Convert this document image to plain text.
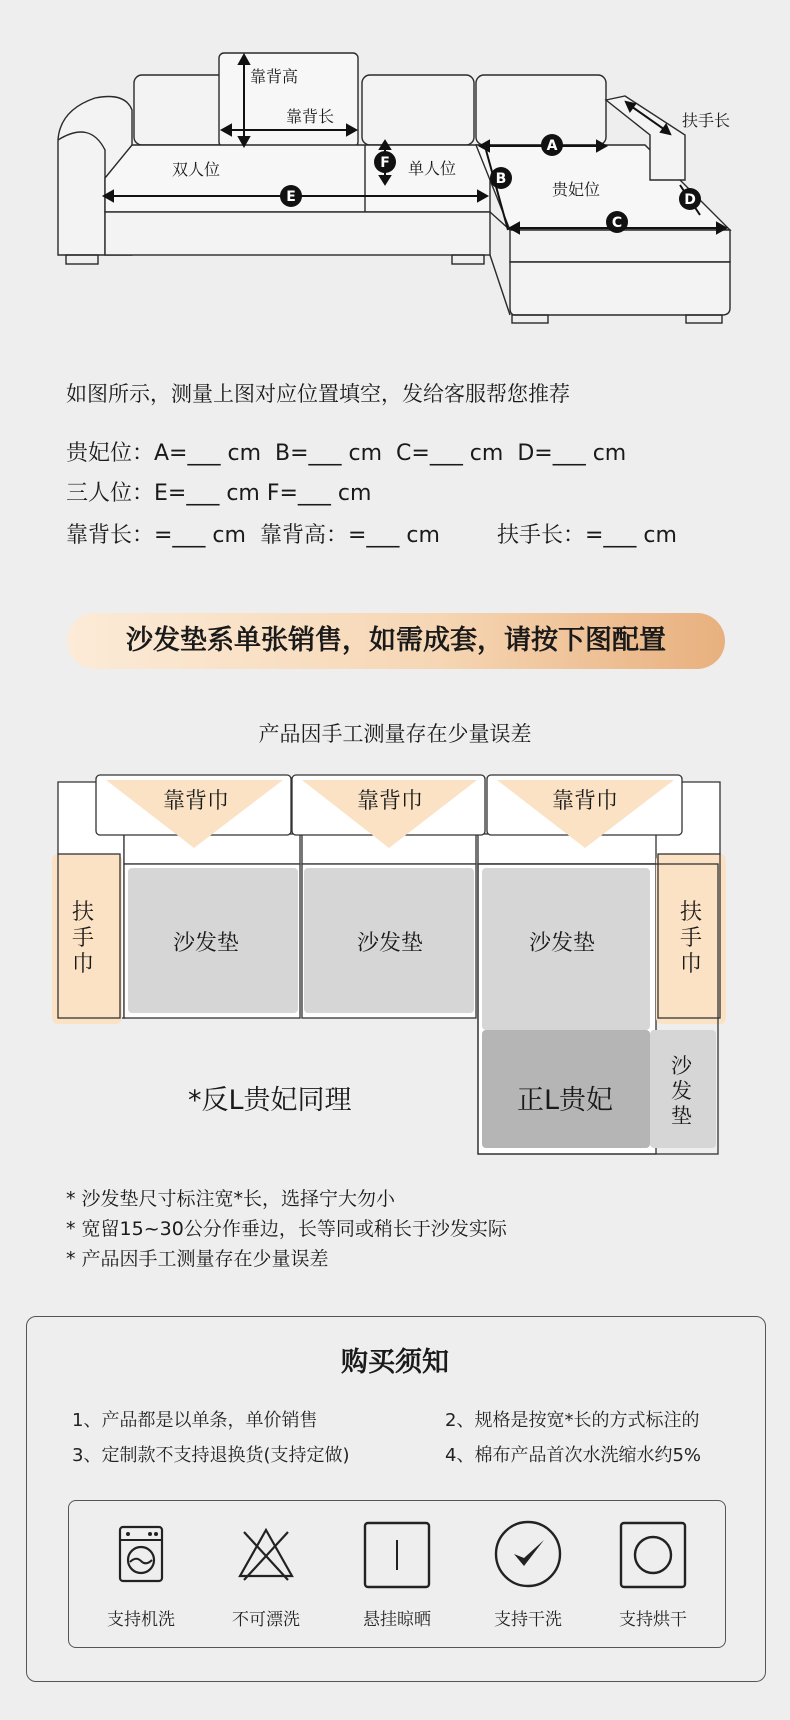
A
B
C
D
E
F
靠背高
靠背长
双人位	单人位
贵妃位
扶手长
如图所示，测量上图对应位置填空，发给客服帮您推荐
贵妃位：A=___ cm  B=___ cm  C=___ cm  D=___ cm
三人位：E=___ cm F=___ cm
靠背长：=___ cm  靠背高：=___ cm	扶手长：=___ cm
沙发垫系单张销售，如需成套，请按下图配置
产品因手工测量存在少量误差
靠背巾	靠背巾	靠背巾
扶手巾
扶手巾
沙发垫	沙发垫	沙发垫
正L贵妃
沙发垫
*反L贵妃同理
* 沙发垫尺寸标注宽*长，选择宁大勿小
* 宽留15~30公分作垂边，长等同或稍长于沙发实际
* 产品因手工测量存在少量误差
购买须知
1、产品都是以单条，单价销售	2、规格是按宽*长的方式标注的
3、定制款不支持退换货(支持定做)	4、棉布产品首次水洗缩水约5%
支持机洗	不可漂洗	悬挂晾晒	支持干洗	支持烘干
